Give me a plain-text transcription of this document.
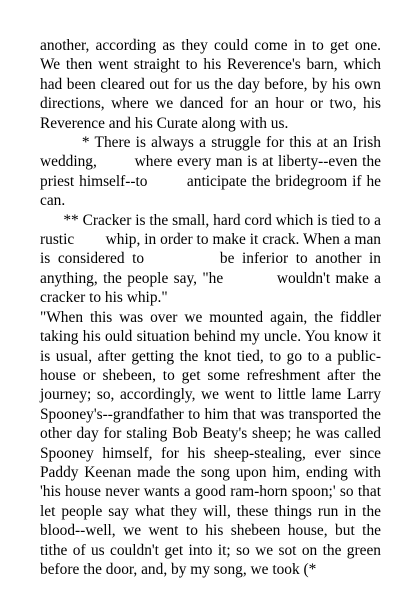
another, according as they could come in to get one. We then went straight to his Reverence's barn, which had been cleared out for us the day before, by his own directions, where we danced for an hour or two, his Reverence and his Curate along with us.

* There is always a struggle for this at an Irish wedding,        where every man is at liberty--even the priest himself--to        anticipate the bridegroom if he can.

** Cracker is the small, hard cord which is tied to a rustic        whip, in order to make it crack. When a man is considered to          be inferior to another in anything, the people say, "he          wouldn't make a cracker to his whip."

"When this was over we mounted again, the fiddler taking his ould situation behind my uncle. You know it is usual, after getting the knot tied, to go to a public-house or shebeen, to get some refreshment after the journey; so, accordingly, we went to little lame Larry Spooney's--grandfather to him that was transported the other day for staling Bob Beaty's sheep; he was called Spooney himself, for his sheep-stealing, ever since Paddy Keenan made the song upon him, ending with 'his house never wants a good ram-horn spoon;' so that let people say what they will, these things run in the blood--well, we went to his shebeen house, but the tithe of us couldn't get into it; so we sot on the green before the door, and, by my song, we took (*
